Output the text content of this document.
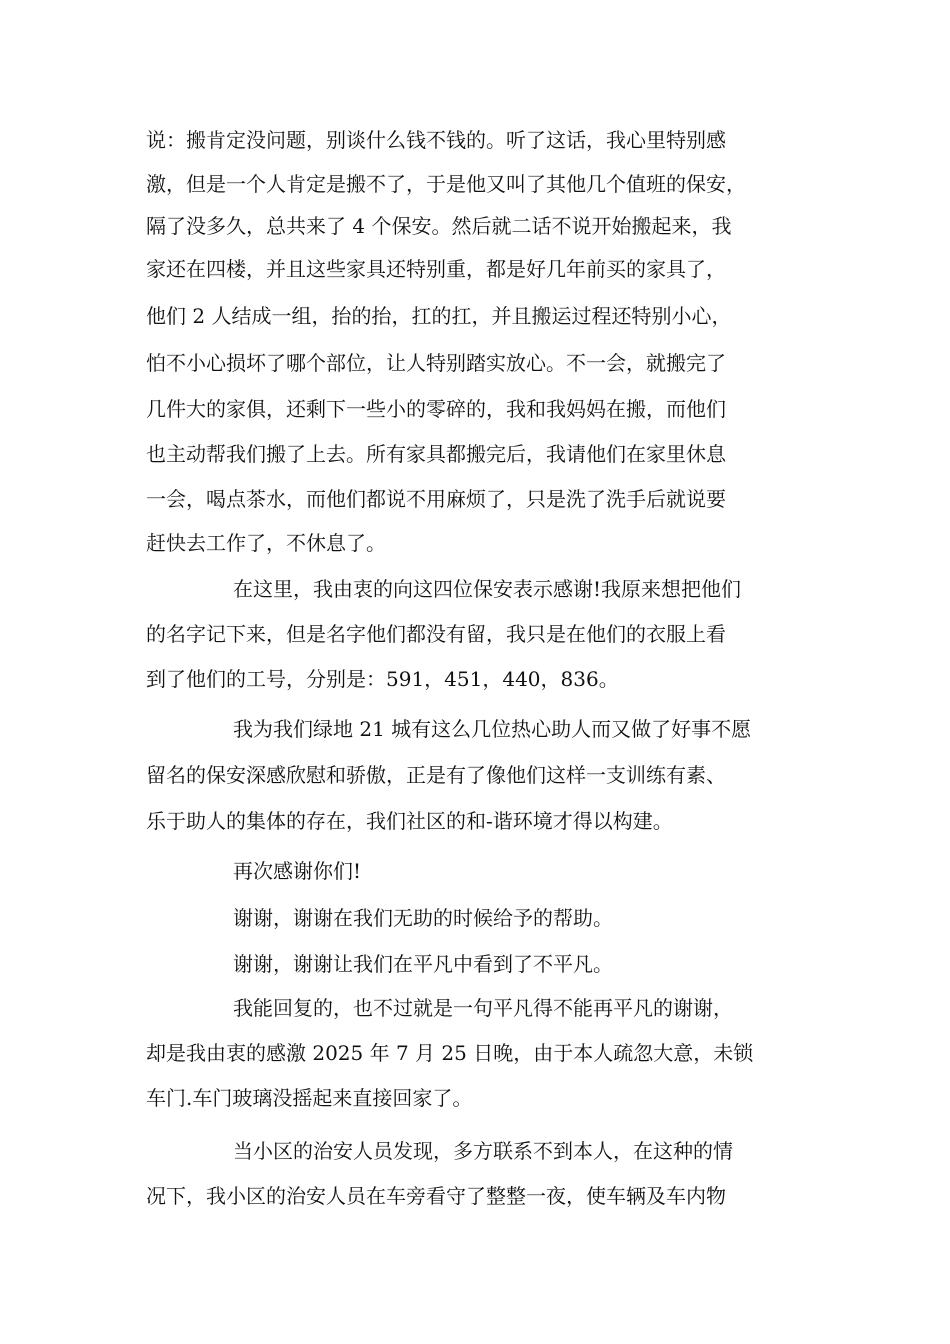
说：搬肯定没问题，别谈什么钱不钱的。听了这话，我心里特别感

激，但是一个人肯定是搬不了，于是他又叫了其他几个值班的保安，

隔了没多久，总共来了 4 个保安。然后就二话不说开始搬起来，我

家还在四楼，并且这些家具还特别重，都是好几年前买的家具了，

他们 2 人结成一组，抬的抬，扛的扛，并且搬运过程还特别小心，

怕不小心损坏了哪个部位，让人特别踏实放心。不一会，就搬完了

几件大的家俱，还剩下一些小的零碎的，我和我妈妈在搬，而他们

也主动帮我们搬了上去。所有家具都搬完后，我请他们在家里休息

一会，喝点茶水，而他们都说不用麻烦了，只是洗了洗手后就说要

赶快去工作了，不休息了。

在这里，我由衷的向这四位保安表示感谢!我原来想把他们

的名字记下来，但是名字他们都没有留，我只是在他们的衣服上看

到了他们的工号，分别是：591，451，440，836。

我为我们绿地 21 城有这么几位热心助人而又做了好事不愿

留名的保安深感欣慰和骄傲，正是有了像他们这样一支训练有素、

乐于助人的集体的存在，我们社区的和-谐环境才得以构建。

再次感谢你们!

谢谢，谢谢在我们无助的时候给予的帮助。

谢谢，谢谢让我们在平凡中看到了不平凡。

我能回复的，也不过就是一句平凡得不能再平凡的谢谢，

却是我由衷的感激 2025 年 7 月 25 日晚，由于本人疏忽大意，未锁

车门.车门玻璃没摇起来直接回家了。

当小区的治安人员发现，多方联系不到本人，在这种的情

况下，我小区的治安人员在车旁看守了整整一夜，使车辆及车内物
